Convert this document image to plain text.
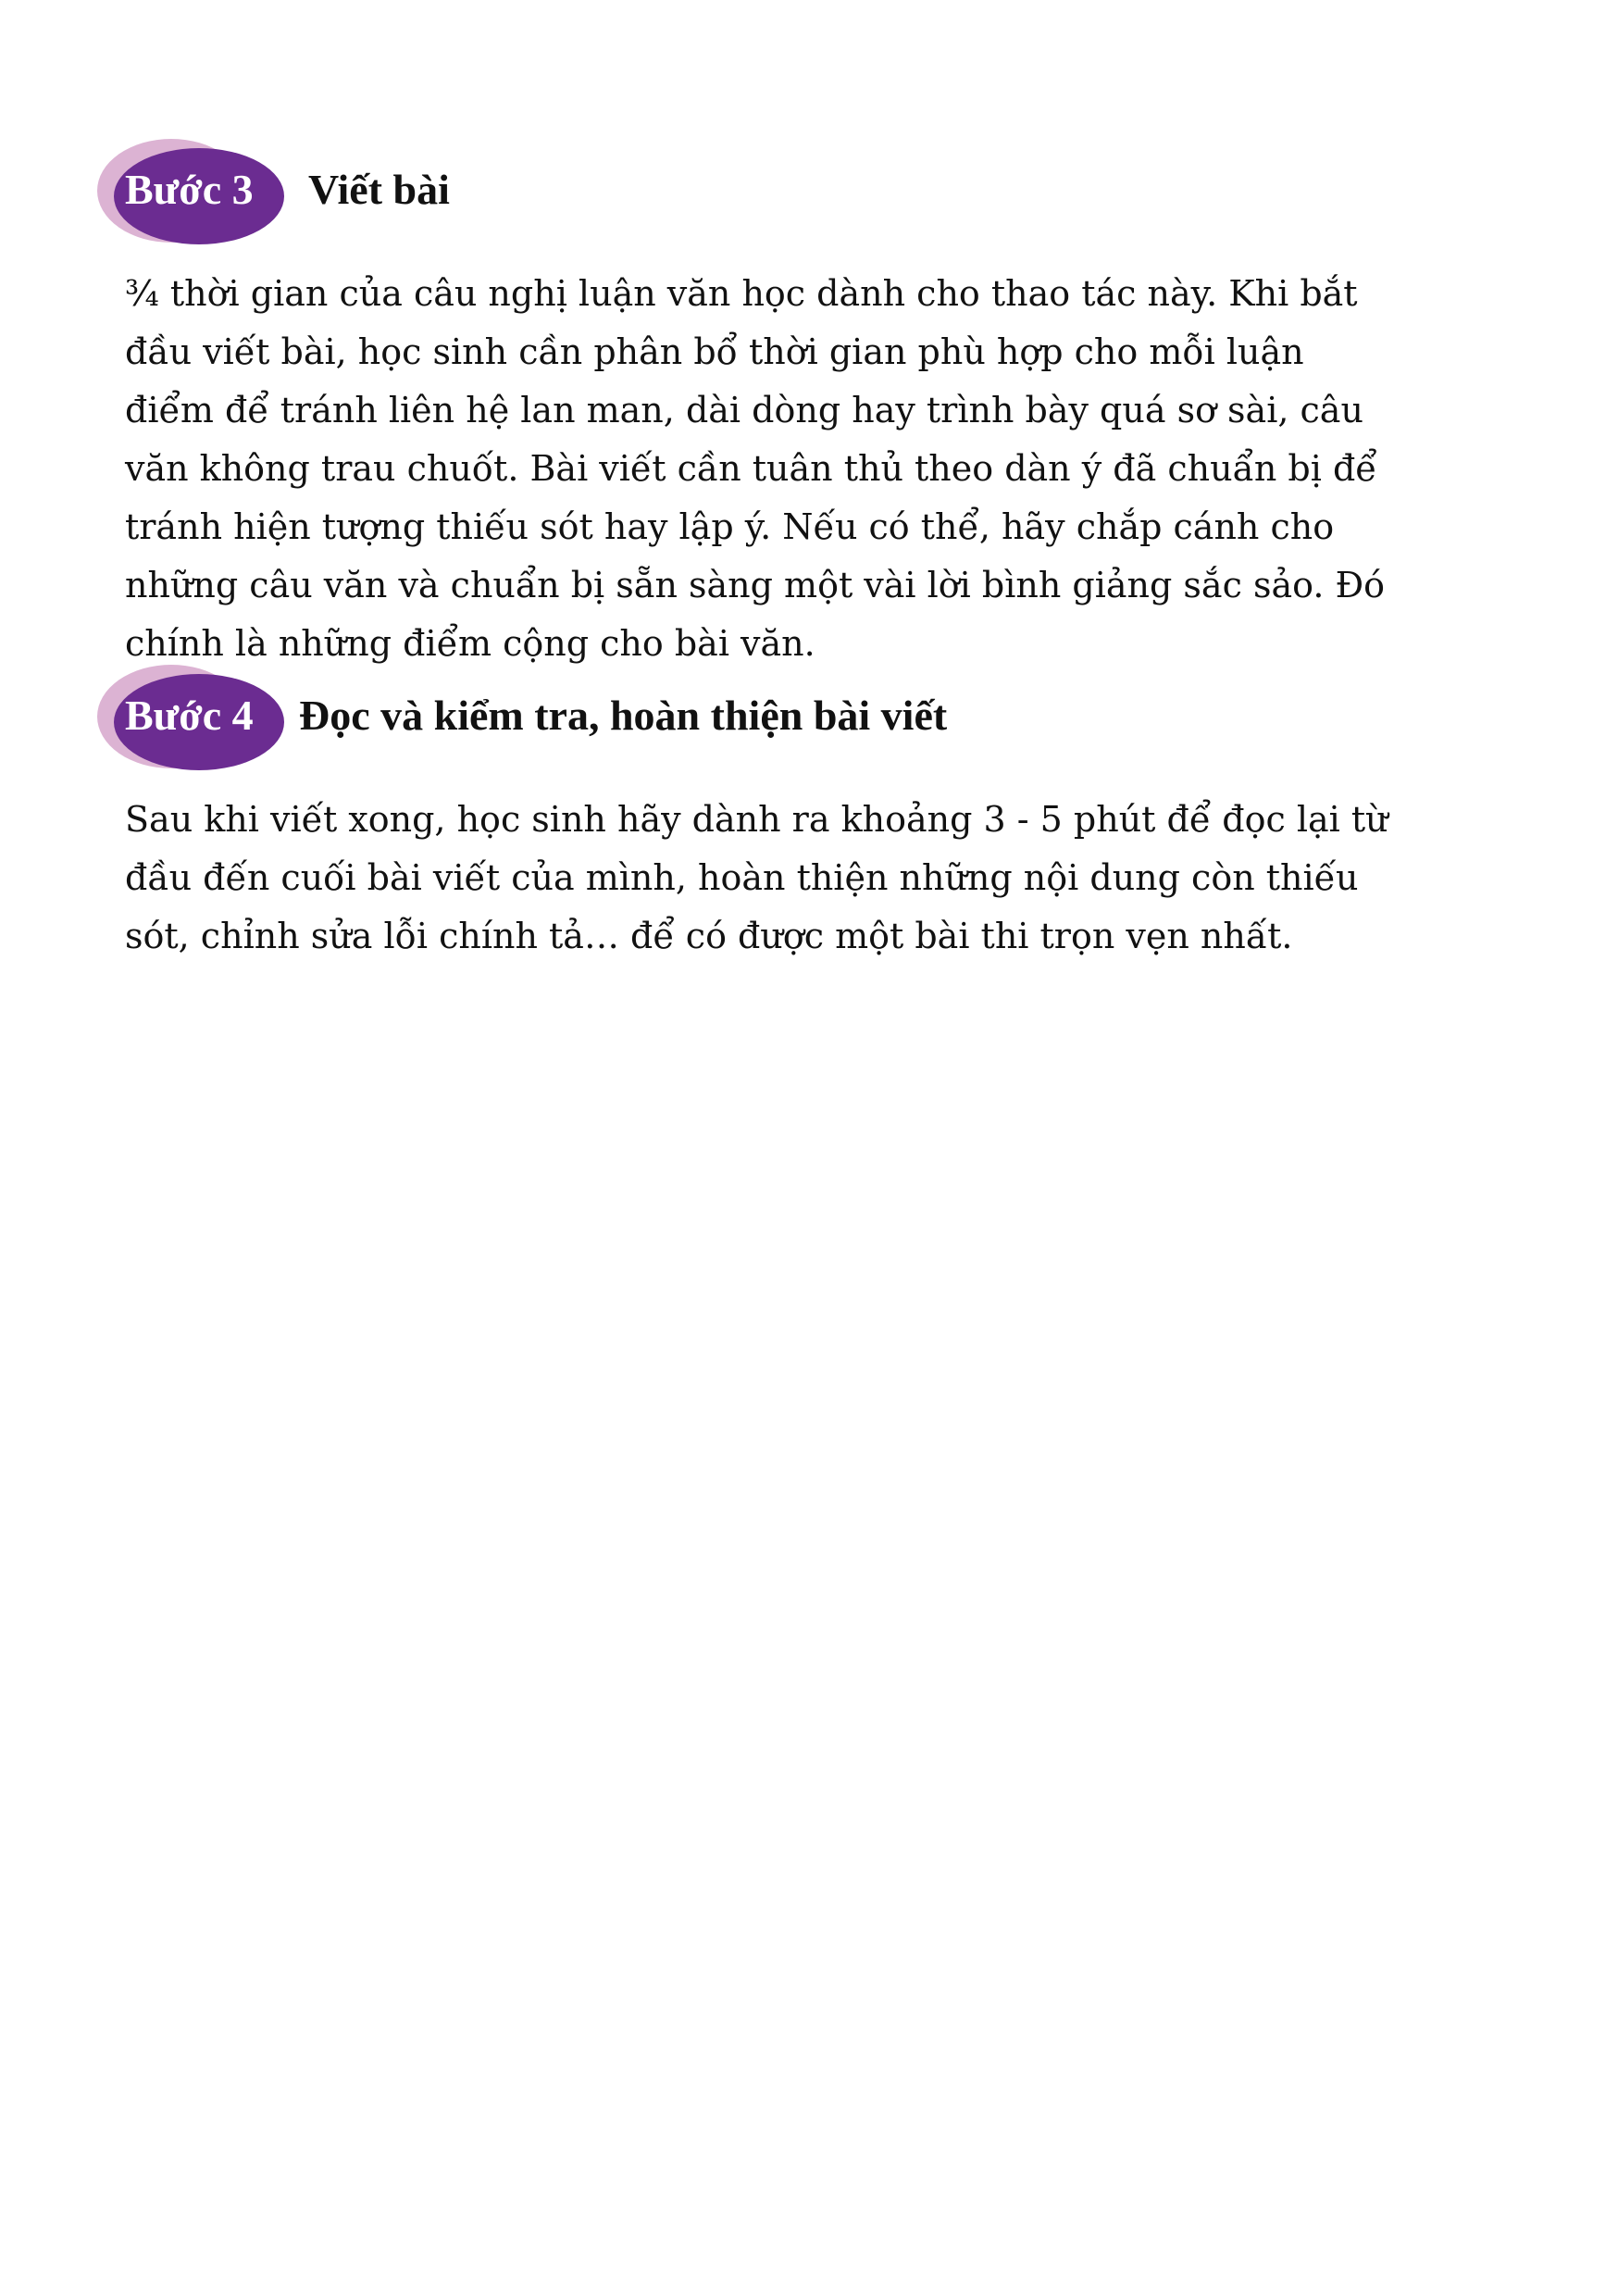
Bước 3 Viết bài
¾ thời gian của câu nghị luận văn học dành cho thao tác này. Khi bắt
đầu viết bài, học sinh cần phân bổ thời gian phù hợp cho mỗi luận
điểm để tránh liên hệ lan man, dài dòng hay trình bày quá sơ sài, câu
văn không trau chuốt. Bài viết cần tuân thủ theo dàn ý đã chuẩn bị để
tránh hiện tượng thiếu sót hay lập ý. Nếu có thể, hãy chắp cánh cho
những câu văn và chuẩn bị sẵn sàng một vài lời bình giảng sắc sảo. Đó
chính là những điểm cộng cho bài văn.
Bước 4 Đọc và kiểm tra, hoàn thiện bài viết
Sau khi viết xong, học sinh hãy dành ra khoảng 3 - 5 phút để đọc lại từ
đầu đến cuối bài viết của mình, hoàn thiện những nội dung còn thiếu
sót, chỉnh sửa lỗi chính tả… để có được một bài thi trọn vẹn nhất.
